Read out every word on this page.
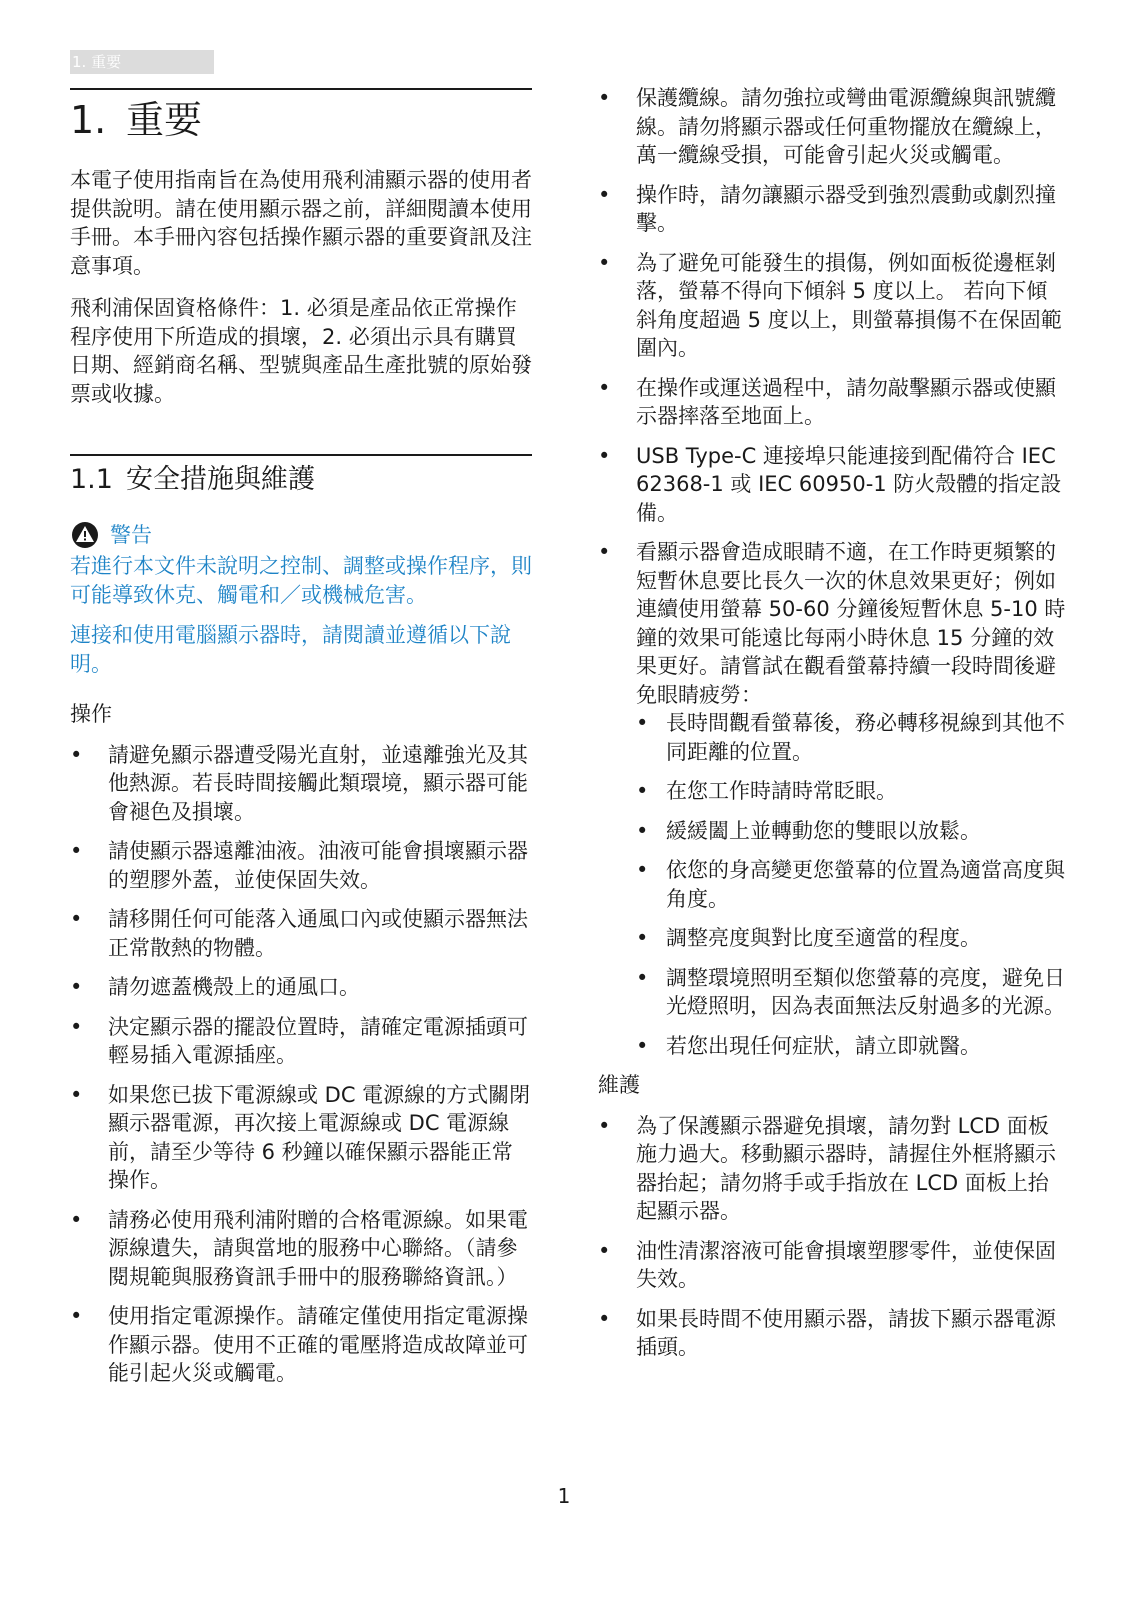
1. 重要
1. 重要

本電子使用指南旨在為使用飛利浦顯示器的使用者提供說明。請在使用顯示器之前，詳細閱讀本使用手冊。本手冊內容包括操作顯示器的重要資訊及注意事項。

飛利浦保固資格條件：1. 必須是產品依正常操作程序使用下所造成的損壞，2. 必須出示具有購買日期、經銷商名稱、型號與產品生產批號的原始發票或收據。

1.1 安全措施與維護
警告

若進行本文件未說明之控制、調整或操作程序，則可能導致休克、觸電和／或機械危害。

連接和使用電腦顯示器時，請閱讀並遵循以下說明。

操作
• 請避免顯示器遭受陽光直射，並遠離強光及其他熱源。若長時間接觸此類環境，顯示器可能會褪色及損壞。
• 請使顯示器遠離油液。油液可能會損壞顯示器的塑膠外蓋，並使保固失效。
• 請移開任何可能落入通風口內或使顯示器無法正常散熱的物體。
• 請勿遮蓋機殼上的通風口。
• 決定顯示器的擺設位置時，請確定電源插頭可輕易插入電源插座。
• 如果您已拔下電源線或 DC 電源線的方式關閉顯示器電源，再次接上電源線或 DC 電源線前，請至少等待 6 秒鐘以確保顯示器能正常操作。
• 請務必使用飛利浦附贈的合格電源線。如果電源線遺失，請與當地的服務中心聯絡。（請參閱規範與服務資訊手冊中的服務聯絡資訊。）
• 使用指定電源操作。請確定僅使用指定電源操作顯示器。使用不正確的電壓將造成故障並可能引起火災或觸電。
• 保護纜線。請勿強拉或彎曲電源纜線與訊號纜線。請勿將顯示器或任何重物擺放在纜線上，萬一纜線受損，可能會引起火災或觸電。
• 操作時，請勿讓顯示器受到強烈震動或劇烈撞擊。
• 為了避免可能發生的損傷，例如面板從邊框剝落，螢幕不得向下傾斜 5 度以上。 若向下傾斜角度超過 5 度以上，則螢幕損傷不在保固範圍內。
• 在操作或運送過程中，請勿敲擊顯示器或使顯示器摔落至地面上。
• USB Type-C 連接埠只能連接到配備符合 IEC 62368-1 或 IEC 60950-1 防火殼體的指定設備。
• 看顯示器會造成眼睛不適，在工作時更頻繁的短暫休息要比長久一次的休息效果更好；例如連續使用螢幕 50-60 分鐘後短暫休息 5-10 時鐘的效果可能遠比每兩小時休息 15 分鐘的效果更好。請嘗試在觀看螢幕持續一段時間後避免眼睛疲勞：
• 長時間觀看螢幕後，務必轉移視線到其他不同距離的位置。
• 在您工作時請時常眨眼。
• 緩緩闔上並轉動您的雙眼以放鬆。
• 依您的身高變更您螢幕的位置為適當高度與角度。
• 調整亮度與對比度至適當的程度。
• 調整環境照明至類似您螢幕的亮度，避免日光燈照明，因為表面無法反射過多的光源。
• 若您出現任何症狀，請立即就醫。
維護
• 為了保護顯示器避免損壞，請勿對 LCD 面板施力過大。移動顯示器時，請握住外框將顯示器抬起；請勿將手或手指放在 LCD 面板上抬起顯示器。
• 油性清潔溶液可能會損壞塑膠零件，並使保固失效。
• 如果長時間不使用顯示器，請拔下顯示器電源插頭。
1
